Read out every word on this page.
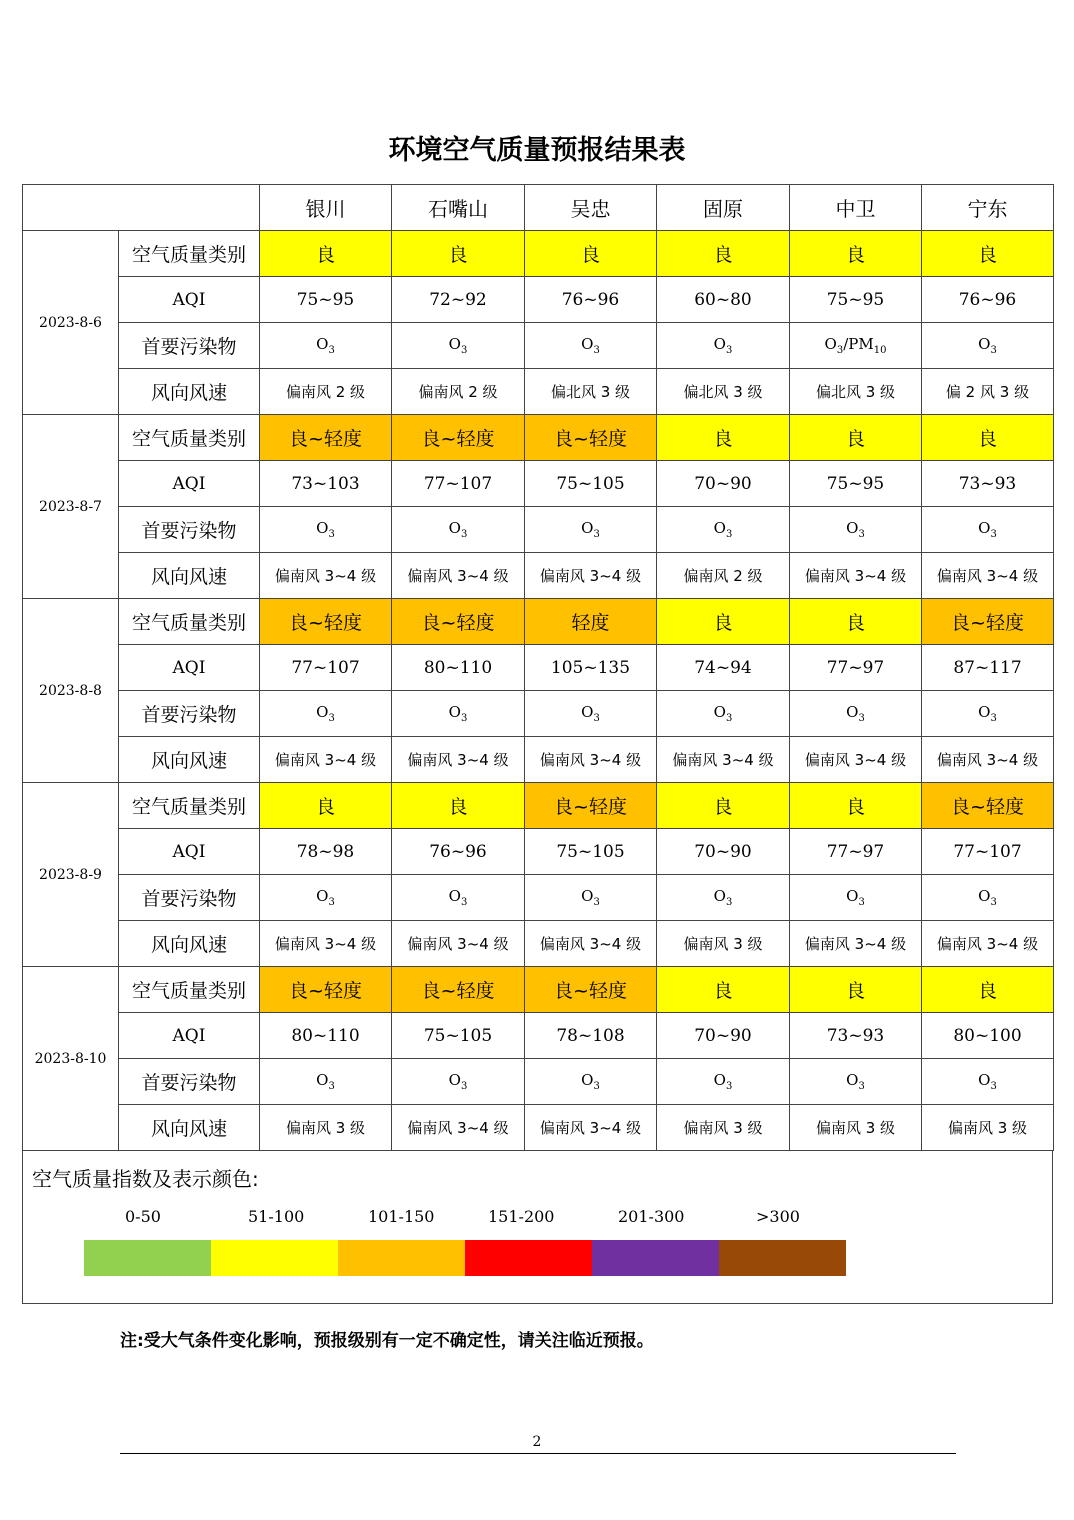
环境空气质量预报结果表
		银川	石嘴山	吴忠	固原	中卫	宁东
2023-8-6	空气质量类别	良	良	良	良	良	良
	AQI	75~95	72~92	76~96	60~80	75~95	76~96
	首要污染物	$O_3$	$O_3$	$O_3$	$O_3$	$O_3/PM_{10}$	$O_3$
	风向风速	偏南风 2 级	偏南风 2 级	偏北风 3 级	偏北风 3 级	偏北风 3 级	偏 2 风 3 级
2023-8-7	空气质量类别	良~轻度	良~轻度	良~轻度	良	良	良
	AQI	73~103	77~107	75~105	70~90	75~95	73~93
	首要污染物	$O_3$	$O_3$	$O_3$	$O_3$	$O_3$	$O_3$
	风向风速	偏南风 3~4 级	偏南风 3~4 级	偏南风 3~4 级	偏南风 2 级	偏南风 3~4 级	偏南风 3~4 级
2023-8-8	空气质量类别	良~轻度	良~轻度	轻度	良	良	良~轻度
	AQI	77~107	80~110	105~135	74~94	77~97	87~117
	首要污染物	$O_3$	$O_3$	$O_3$	$O_3$	$O_3$	$O_3$
	风向风速	偏南风 3~4 级	偏南风 3~4 级	偏南风 3~4 级	偏南风 3~4 级	偏南风 3~4 级	偏南风 3~4 级
2023-8-9	空气质量类别	良	良	良~轻度	良	良	良~轻度
	AQI	78~98	76~96	75~105	70~90	77~97	77~107
	首要污染物	$O_3$	$O_3$	$O_3$	$O_3$	$O_3$	$O_3$
	风向风速	偏南风 3~4 级	偏南风 3~4 级	偏南风 3~4 级	偏南风 3 级	偏南风 3~4 级	偏南风 3~4 级
2023-8-10	空气质量类别	良~轻度	良~轻度	良~轻度	良	良	良
	AQI	80~110	75~105	78~108	70~90	73~93	80~100
	首要污染物	$O_3$	$O_3$	$O_3$	$O_3$	$O_3$	$O_3$
	风向风速	偏南风 3 级	偏南风 3~4 级	偏南风 3~4 级	偏南风 3 级	偏南风 3 级	偏南风 3 级
空气质量指数及表示颜色:
0-50	51-100	101-150	151-200	201-300	>300
注:受大气条件变化影响，预报级别有一定不确定性，请关注临近预报。
2
